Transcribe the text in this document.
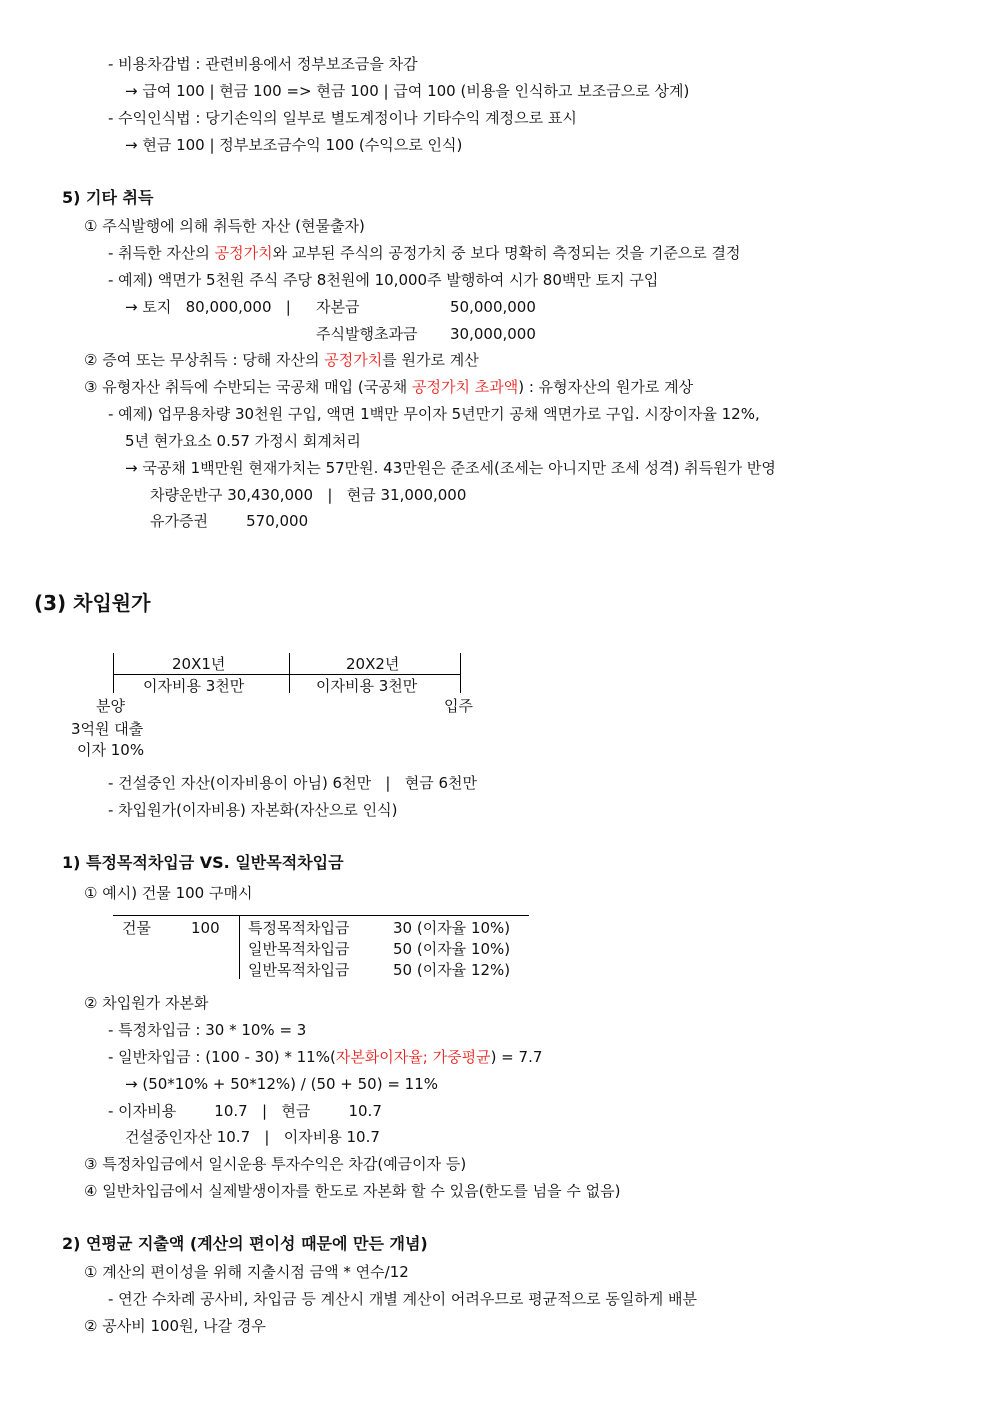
- 비용차감법 : 관련비용에서 정부보조금을 차감
→ 급여 100 | 현금 100 => 현금 100 | 급여 100 (비용을 인식하고 보조금으로 상계)
- 수익인식법 : 당기손익의 일부로 별도계정이나 기타수익 계정으로 표시
→ 현금 100 | 정부보조금수익 100 (수익으로 인식)
5) 기타 취득
① 주식발행에 의해 취득한 자산 (현물출자)
- 취득한 자산의 공정가치와 교부된 주식의 공정가치 중 보다 명확히 측정되는 것을 기준으로 결정
- 예제) 액면가 5천원 주식 주당 8천원에 10,000주 발행하여 시가 80백만 토지 구입
→ 토지   80,000,000   | 자본금	50,000,000
주식발행초과금 30,000,000
② 증여 또는 무상취득 : 당해 자산의 공정가치를 원가로 계산
③ 유형자산 취득에 수반되는 국공채 매입 (국공채 공정가치 초과액) : 유형자산의 원가로 계상
- 예제) 업무용차량 30천원 구입, 액면 1백만 무이자 5년만기 공채 액면가로 구입. 시장이자율 12%,
5년 현가요소 0.57 가정시 회계처리
→ 국공채 1백만원 현재가치는 57만원. 43만원은 준조세(조세는 아니지만 조세 성격) 취득원가 반영
차량운반구 30,430,000   |   현금 31,000,000
유가증권        570,000
(3) 차입원가
20X1년	20X2년
이자비용 3천만	이자비용 3천만
분양	입주
3억원 대출
이자 10%
- 건설중인 자산(이자비용이 아님) 6천만   |   현금 6천만
- 차입원가(이자비용) 자본화(자산으로 인식)
1) 특정목적차입금 VS. 일반목적차입금
① 예시) 건물 100 구매시
건물	100 특정목적차입금	30 (이자율 10%)
일반목적차입금	50 (이자율 10%)
일반목적차입금	50 (이자율 12%)
② 차입원가 자본화
- 특정차입금 : 30 * 10% = 3
- 일반차입금 : (100 - 30) * 11%(자본화이자율; 가중평균) = 7.7
→ (50*10% + 50*12%) / (50 + 50) = 11%
- 이자비용        10.7   |   현금        10.7
건설중인자산 10.7   |   이자비용 10.7
③ 특정차입금에서 일시운용 투자수익은 차감(예금이자 등)
④ 일반차입금에서 실제발생이자를 한도로 자본화 할 수 있음(한도를 넘을 수 없음)
2) 연평균 지출액 (계산의 편이성 때문에 만든 개념)
① 계산의 편이성을 위해 지출시점 금액 * 연수/12
- 연간 수차례 공사비, 차입금 등 계산시 개별 계산이 어려우므로 평균적으로 동일하게 배분
② 공사비 100원, 나갈 경우
